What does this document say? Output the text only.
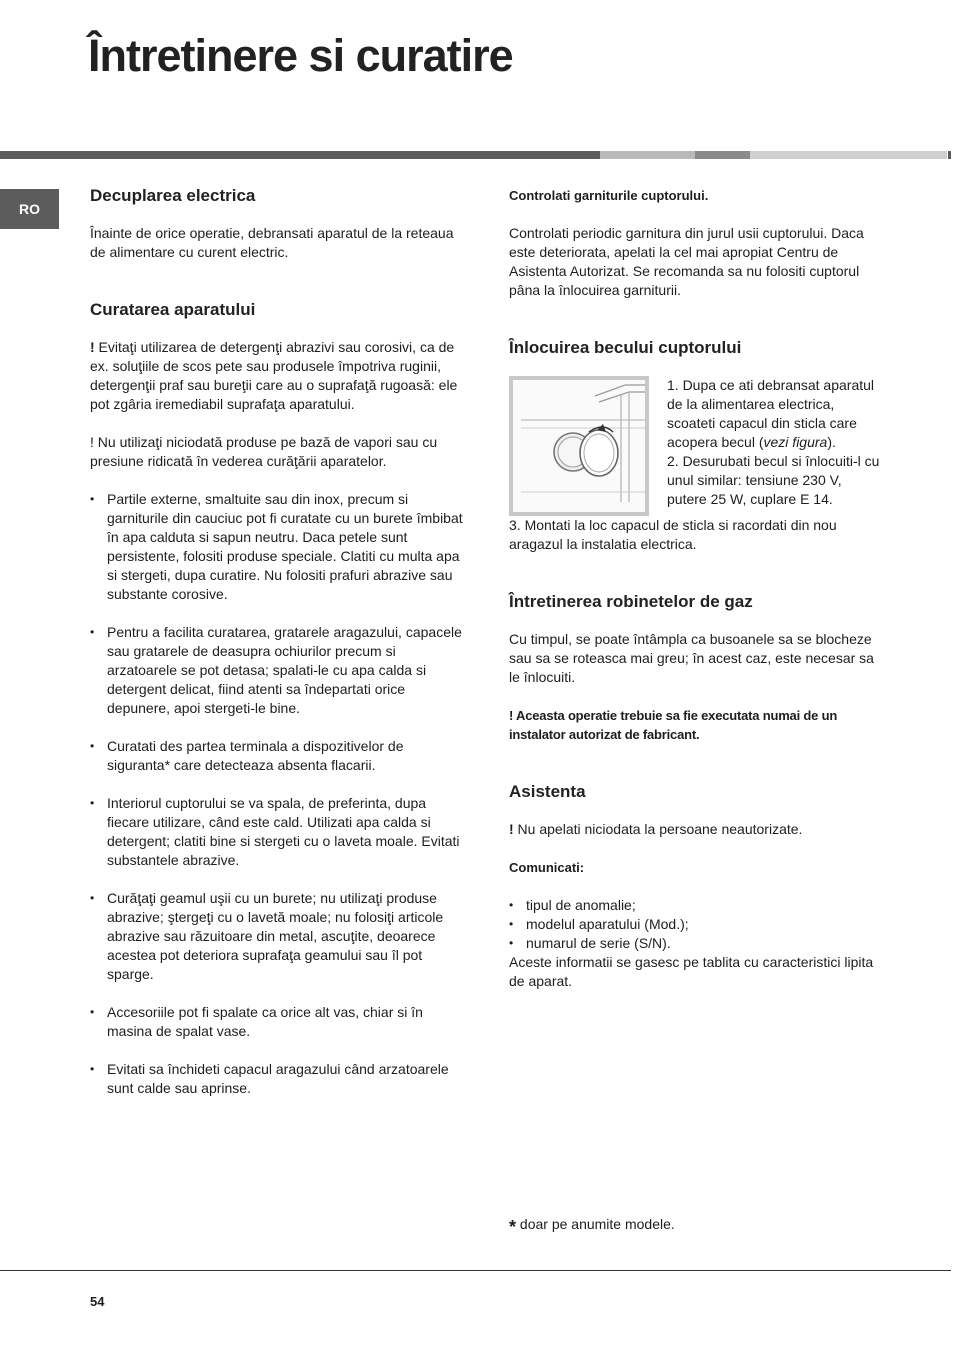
Întretinere si curatire
RO
Decuplarea electrica

Înainte de orice operatie, debransati aparatul de la reteaua de alimentare cu curent electric.

Curatarea aparatului

! Evitaţi utilizarea de detergenţi abrazivi sau corosivi, ca de ex. soluţiile de scos pete sau produsele împotriva ruginii, detergenţii praf sau bureţii care au o suprafaţă rugoasă: ele pot zgâria iremediabil suprafaţa aparatului.

! Nu utilizaţi niciodată produse pe bază de vapori sau cu presiune ridicată în vederea curăţării aparatelor.

• Partile externe, smaltuite sau din inox, precum si garniturile din cauciuc pot fi curatate cu un burete îmbibat în apa calduta si sapun neutru. Daca petele sunt persistente, folositi produse speciale. Clatiti cu multa apa si stergeti, dupa curatire. Nu folositi prafuri abrazive sau substante corosive.
• Pentru a facilita curatarea, gratarele aragazului, capacele sau gratarele de deasupra ochiurilor precum si arzatoarele se pot detasa; spalati-le cu apa calda si detergent delicat, fiind atenti sa îndepartati orice depunere, apoi stergeti-le bine.
• Curatati des partea terminala a dispozitivelor de siguranta* care detecteaza absenta flacarii.
• Interiorul cuptorului se va spala, de preferinta, dupa fiecare utilizare, când este cald. Utilizati apa calda si detergent; clatiti bine si stergeti cu o laveta moale. Evitati substantele abrazive.
• Curăţaţi geamul uşii cu un burete; nu utilizaţi produse abrazive; ştergeţi cu o lavetă moale; nu folosiţi articole abrazive sau răzuitoare din metal, ascuţite, deoarece acestea pot deteriora suprafaţa geamului sau îl pot sparge.
• Accesoriile pot fi spalate ca orice alt vas, chiar si în masina de spalat vase.
• Evitati sa închideti capacul aragazului când arzatoarele sunt calde sau aprinse.
Controlati garniturile cuptorului.

Controlati periodic garnitura din jurul usii cuptorului. Daca este deteriorata, apelati la cel mai apropiat Centru de Asistenta Autorizat. Se recomanda sa nu folositi cuptorul pâna la înlocuirea garniturii.

Înlocuirea becului cuptorului

1. Dupa ce ati debransat aparatul de la alimentarea electrica, scoateti capacul din sticla care acopera becul (vezi figura).

2. Desurubati becul si înlocuiti-l cu unul similar: tensiune 230 V, putere 25 W, cuplare E 14.

3. Montati la loc capacul de sticla si racordati din nou aragazul la instalatia electrica.

Întretinerea robinetelor de gaz

Cu timpul, se poate întâmpla ca busoanele sa se blocheze sau sa se roteasca mai greu; în acest caz, este necesar sa le înlocuiti.

! Aceasta operatie trebuie sa fie executata numai de un instalator autorizat de fabricant.

Asistenta

! Nu apelati niciodata la persoane neautorizate.

Comunicati:
• tipul de anomalie;
• modelul aparatului (Mod.);
• numarul de serie (S/N).

Aceste informatii se gasesc pe tablita cu caracteristici lipita de aparat.

* doar pe anumite modele.
54
